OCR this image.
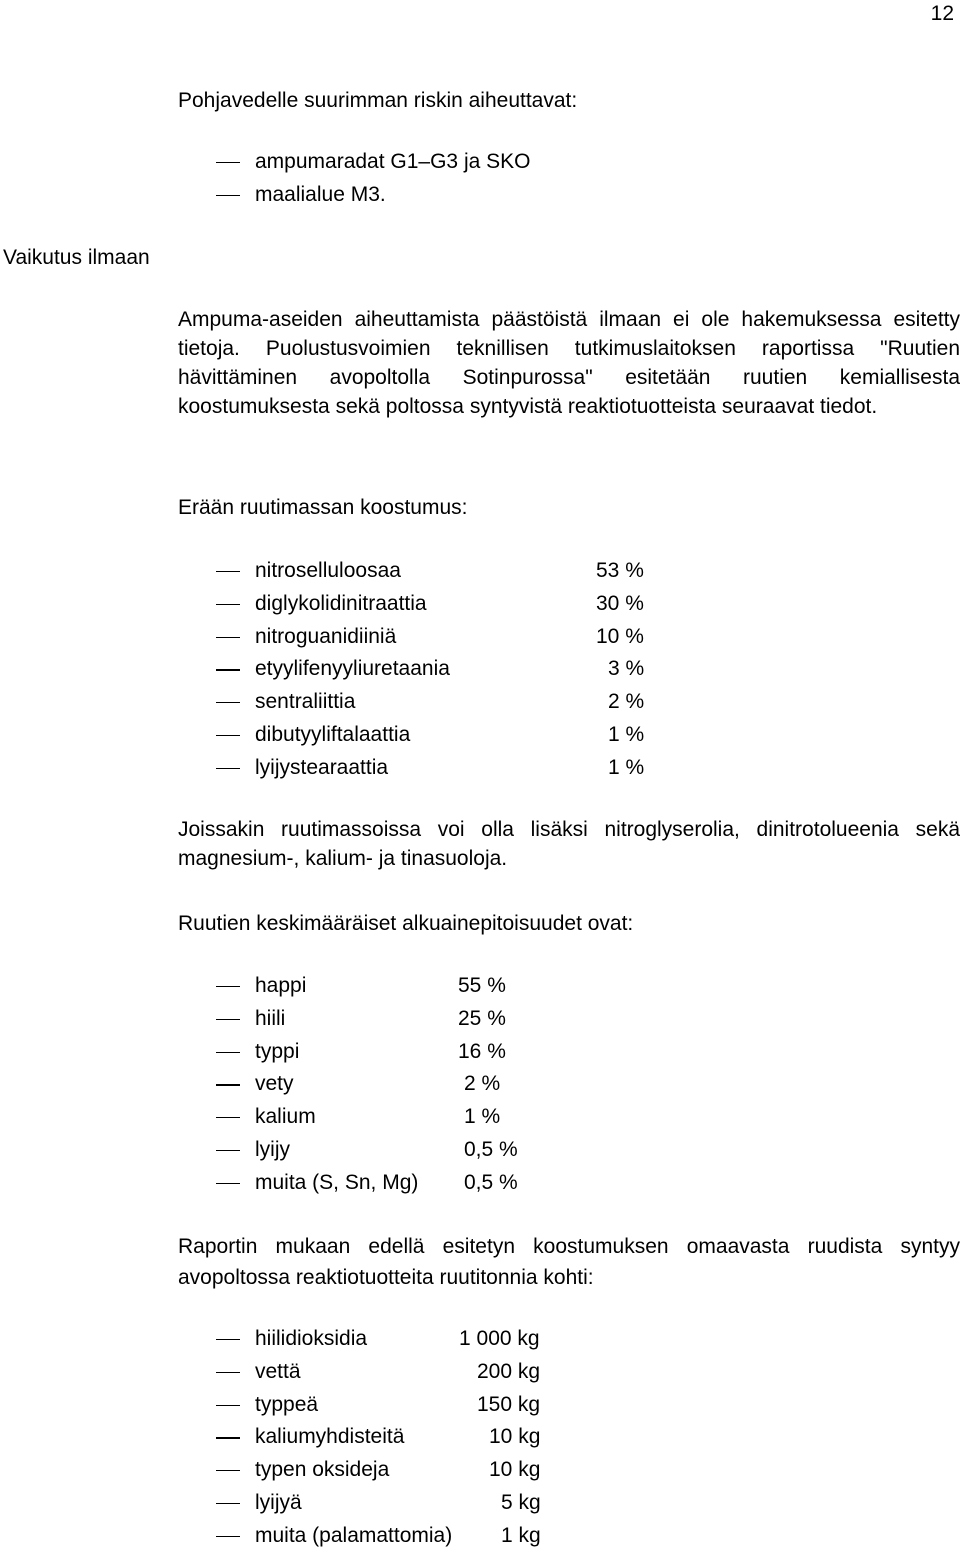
12
Vaikutus ilmaan
Pohjavedelle suurimman riskin aiheuttavat:
ampumaradat G1–G3 ja SKO
maalialue M3.

Ampuma-aseiden aiheuttamista päästöistä ilmaan ei ole hakemuksessa esitetty tietoja. Puolustusvoimien teknillisen tutkimuslaitoksen raportissa "Ruutien hävittäminen avopoltolla Sotinpurossa" esitetään ruutien kemiallisesta koostumuksesta sekä poltossa syntyvistä reaktiotuotteista seuraavat tiedot.

Erään ruutimassan koostumus:
nitroselluloosaa	53 %
diglykolidinitraattia	30 %
nitroguanidiiniä	10 %
etyylifenyyliuretaania	3 %
sentraliittia	2 %
dibutyyliftalaattia	1 %
lyijystearaattia	1 %

Joissakin ruutimassoissa voi olla lisäksi nitroglyserolia, dinitrotolueenia sekä magnesium-, kalium- ja tinasuoloja.

Ruutien keskimääräiset alkuainepitoisuudet ovat:
happi	55 %
hiili	25 %
typpi	16 %
vety	2 %
kalium	1 %
lyijy	0,5 %
muita (S, Sn, Mg) 0,5 %

Raportin mukaan edellä esitetyn koostumuksen omaavasta ruudista syntyy avopoltossa reaktiotuotteita ruutitonnia kohti:

hiilidioksidia	1 000 kg
vettä	200 kg
typpeä	150 kg
kaliumyhdisteitä	10 kg
typen oksideja	10 kg
lyijyä	5 kg
muita (palamattomia) 1 kg
